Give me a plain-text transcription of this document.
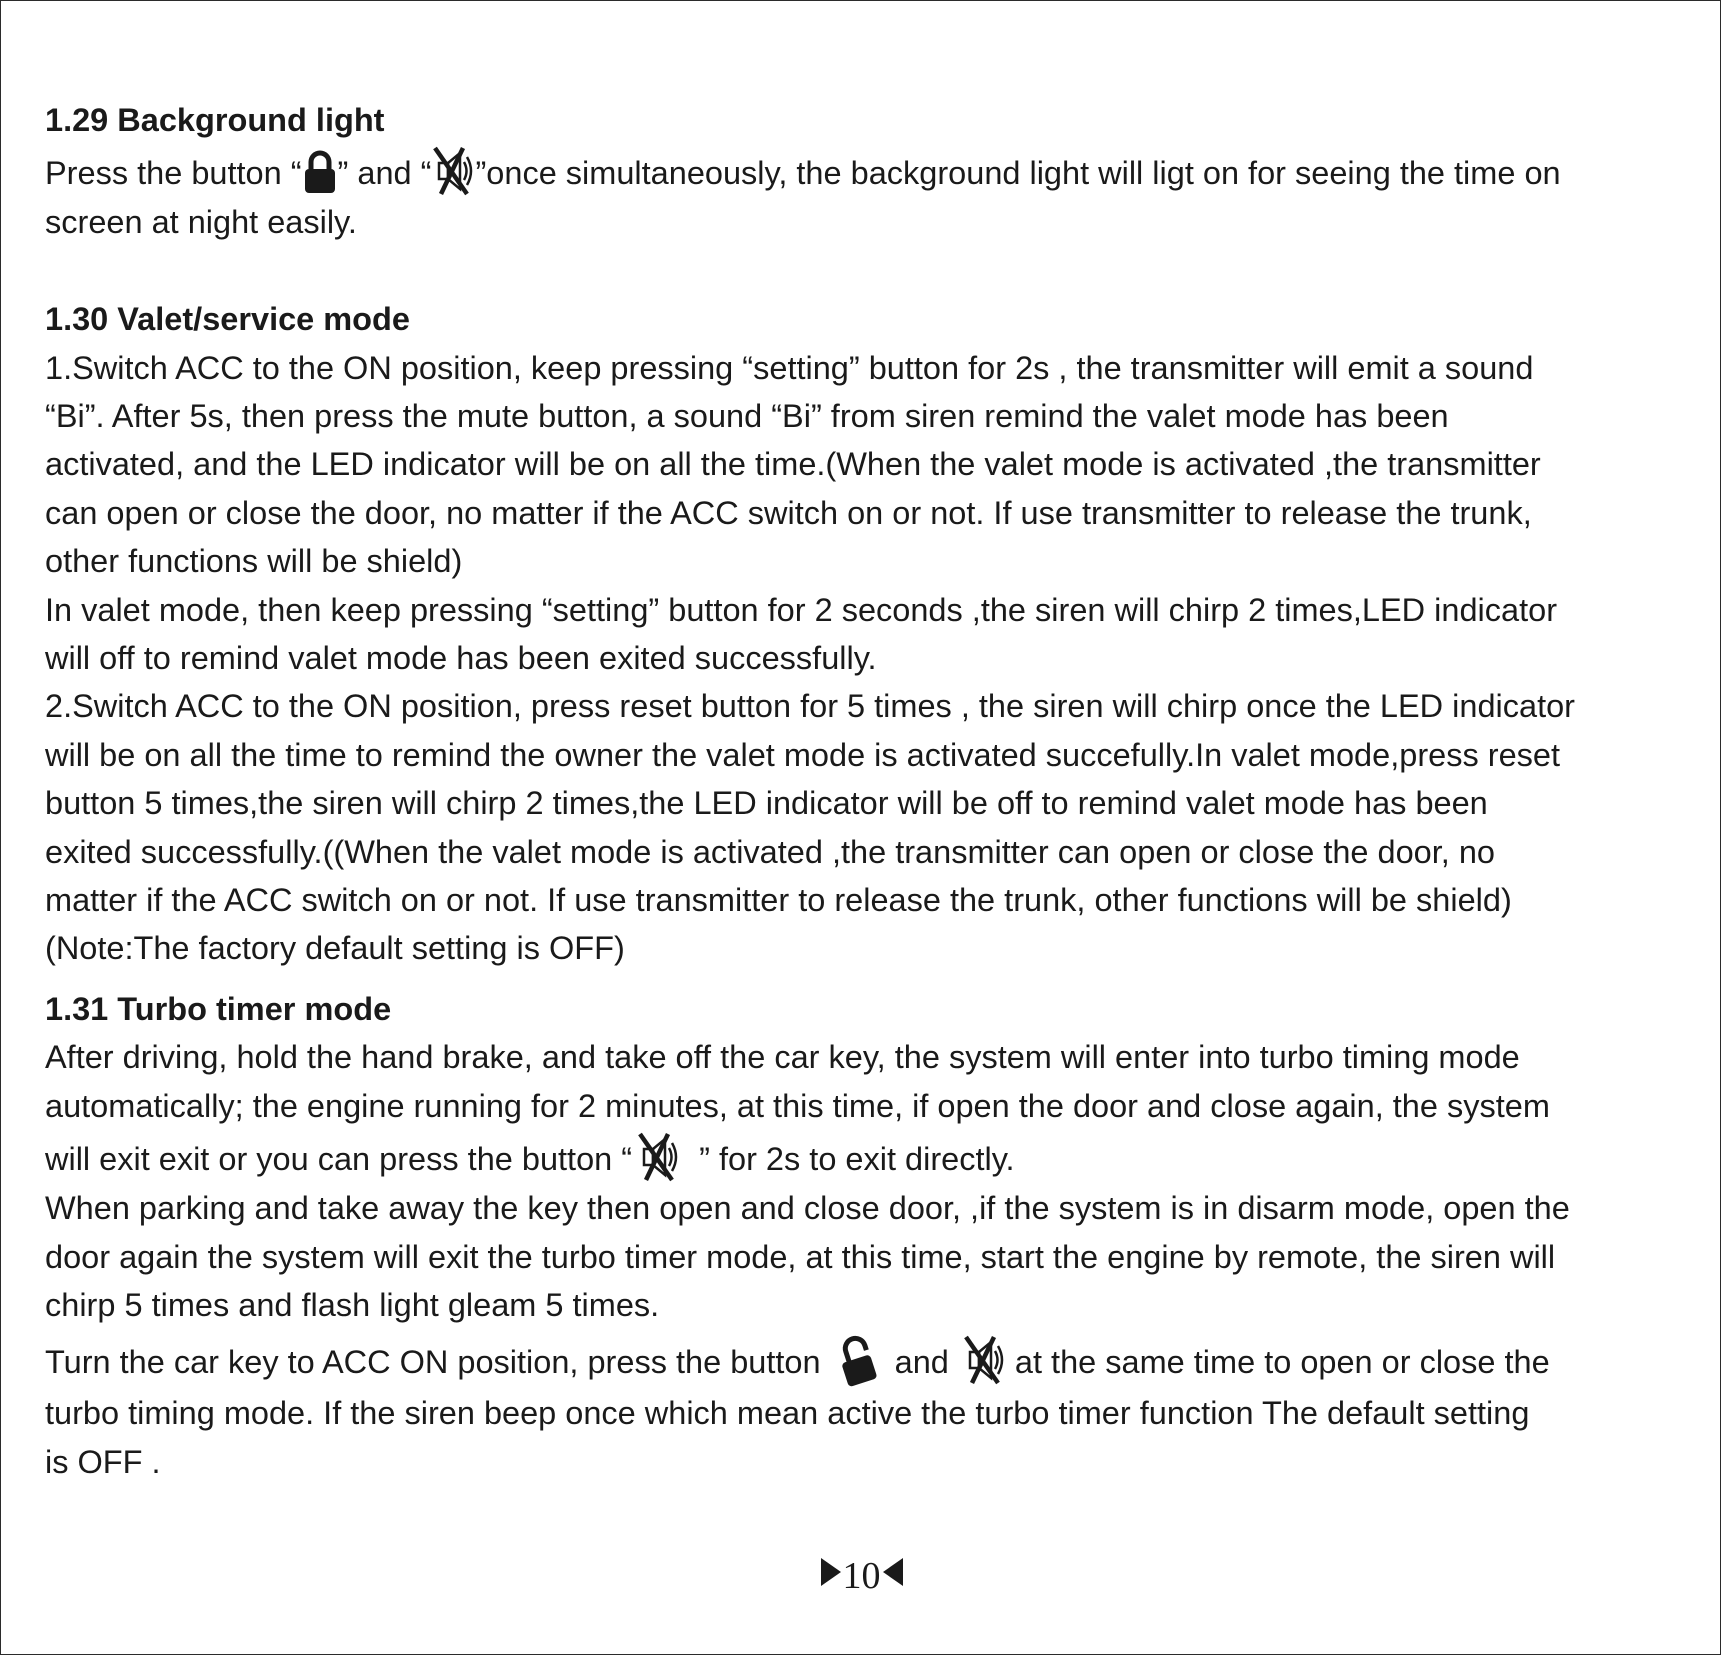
1.29 Background light

Press the button “ ” and “ ”once simultaneously, the background light will ligt on for seeing the time on

screen at night easily.

1.30 Valet/service mode

1.Switch ACC to the ON position, keep pressing “setting” button for 2s , the transmitter will emit a sound

“Bi”. After 5s, then press the mute button, a sound “Bi” from siren remind the valet mode has been

activated, and the LED indicator will be on all the time.(When the valet mode is activated ,the transmitter

can open or close the door, no matter if the ACC switch on or not. If use transmitter to release the trunk,

other functions will be shield)

In valet mode, then keep pressing “setting” button for 2 seconds ,the siren will chirp 2 times,LED indicator

will off to remind valet mode has been exited successfully.

2.Switch ACC to the ON position, press reset button for 5 times , the siren will chirp once the LED indicator

will be on all the time to remind the owner the valet mode is activated succefully.In valet mode,press reset

button 5 times,the siren will chirp 2 times,the LED indicator will be off to remind valet mode has been

exited successfully.((When the valet mode is activated ,the transmitter can open or close the door, no

matter if the ACC switch on or not. If use transmitter to release the trunk, other functions will be shield)

(Note:The factory default setting is OFF)

1.31 Turbo timer mode

After driving, hold the hand brake, and take off the car key, the system will enter into turbo timing mode

automatically; the engine running for 2 minutes, at this time, if open the door and close again, the system

will exit exit or you can press the button “
” for 2s to exit directly.

When parking and take away the key then open and close door, ,if the system is in disarm mode, open the

door again the system will exit the turbo timer mode, at this time, start the engine by remote, the siren will

chirp 5 times and flash light gleam 5 times.

Turn the car key to ACC ON position, press the button
and
at the same time to open or close the

turbo timing mode. If the siren beep once which mean active the turbo timer function The default setting

is OFF .

10
